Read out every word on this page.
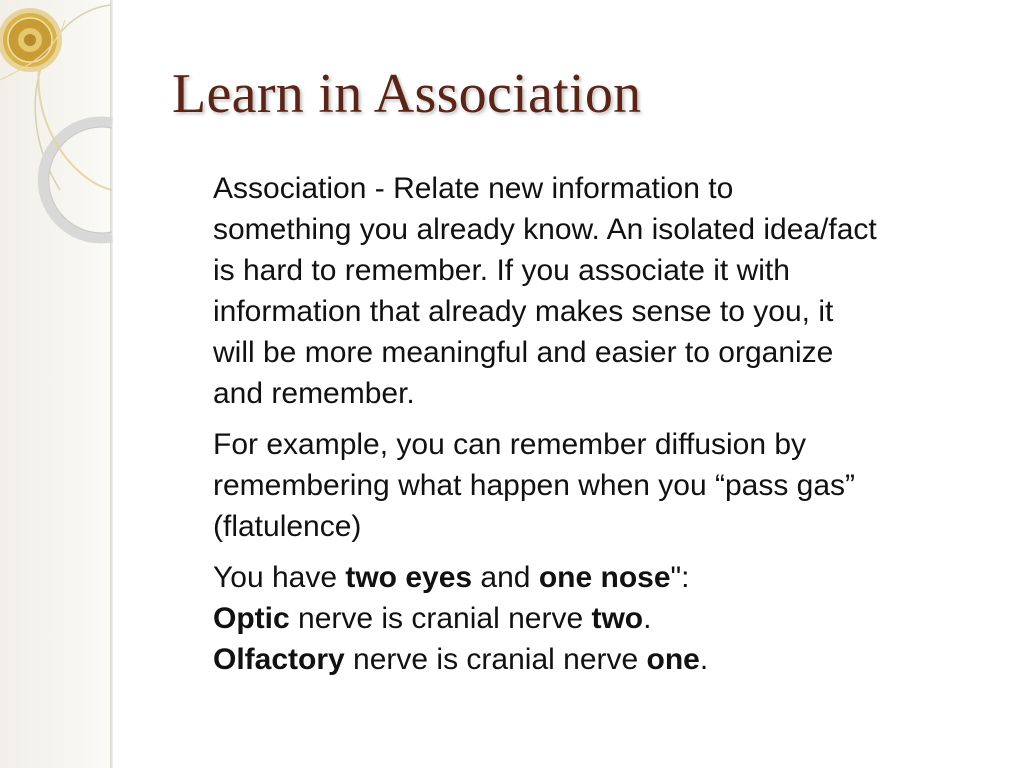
Learn in Association

Association - Relate new information to

something you already know. An isolated idea/fact

is hard to remember. If you associate it with

information that already makes sense to you, it

will be more meaningful and easier to organize

and remember.

For example, you can remember diffusion by

remembering what happen when you “pass gas”

(flatulence)

You have two eyes and one nose":

Optic nerve is cranial nerve two.

Olfactory nerve is cranial nerve one.
